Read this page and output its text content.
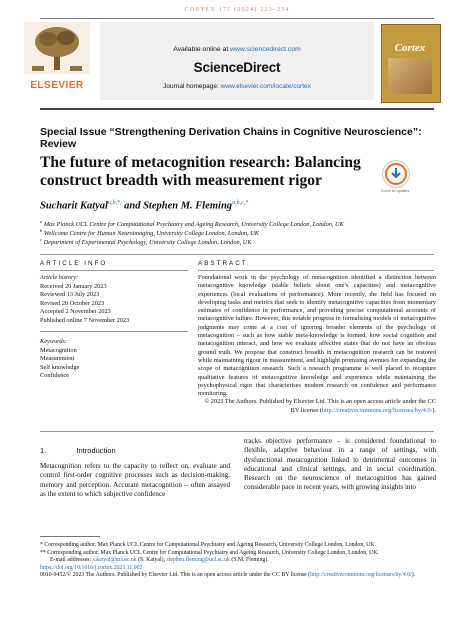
CORTEX 171 (2024) 223–234
ELSEVIER
Available online at www.sciencedirect.com
ScienceDirect
Journal homepage: www.elsevier.com/locate/cortex
Cortex
Special Issue “Strengthening Derivation Chains in Cognitive Neuroscience”: Review
The future of metacognition research: Balancing construct breadth with measurement rigor
Check for updates
Sucharit Katyal$^{a,b,*,}$ and Stephen M. Fleming$^{a,b,c,*}$
$^a$ Max Planck UCL Centre for Computational Psychiatry and Ageing Research, University College London, London, UK
$^b$ Wellcome Centre for Human Neuroimaging, University College London, London, UK
$^c$ Department of Experimental Psychology, University College London, London, UK
ARTICLE INFO	ABSTRACT
Article history:
Received 20 January 2023
Reviewed 13 July 2023
Revised 20 October 2023
Accepted 2 November 2023
Published online 7 November 2023
Keywords:
Metacognition
Measurement
Self knowledge
Confidence
Foundational work in the psychology of metacognition identified a distinction between metacognitive knowledge (stable beliefs about one’s capacities) and metacognitive experiences (local evaluations of performance). More recently, the field has focused on developing tasks and metrics that seek to identify metacognitive capacities from momentary estimates of confidence in performance, and providing precise computational accounts of metacognitive failure. However, this notable progress in formalising models of metacognitive judgments may come at a cost of ignoring broader elements of the psychology of metacognition – such as how stable meta-knowledge is formed, how social cognition and metacognition interact, and how we evaluate affective states that do not have an obvious ground truth. We propose that construct breadth in metacognition research can be restored while maintaining rigour in measurement, and highlight promising avenues for expanding the scope of metacognition research. Such a research programme is well placed to recapture qualitative features of metacognitive knowledge and experience while maintaining the psychophysical rigor that characterises modern research on confidence and performance monitoring.
© 2023 The Authors. Published by Elsevier Ltd. This is an open access article under the CC BY license (http://creativecommons.org/licenses/by/4.0/).
1.	Introduction
Metacognition refers to the capacity to reflect on, evaluate and control first-order cognitive processes such as decision-making, memory and perception. Accurate metacognition – often assayed as the extent to which subjective confidence
tracks objective performance – is considered foundational to flexible, adaptive behaviour in a range of settings, with dysfunctional metacognition linked to detrimental outcomes in educational and clinical settings, and in social coordination. Research on the neuroscience of metacognition has gained considerable pace in recent years, with growing insights into
* Corresponding author. Max Planck UCL Centre for Computational Psychiatry and Ageing Research, University College London, London, UK.
** Corresponding author. Max Planck UCL Centre for Computational Psychiatry and Ageing Research, University College London, London, UK.
E-mail addresses: s.katyal@ucl.ac.uk (S. Katyal), stephen.fleming@ucl.ac.uk (S.M. Fleming).
https://doi.org/10.1016/j.cortex.2023.11.002
0010-9452/© 2023 The Authors. Published by Elsevier Ltd. This is an open access article under the CC BY license (http://creativecommons.org/licenses/by/4.0/).
